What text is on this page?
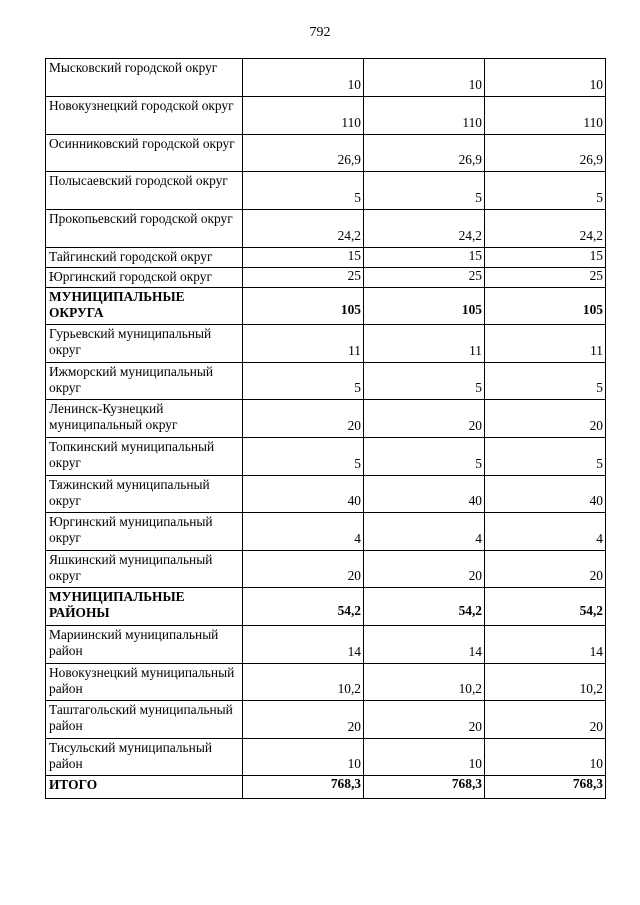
792
Мысковский городской округ	10	10	10
Новокузнецкий городской округ	110	110	110
Осинниковский городской округ	26,9	26,9	26,9
Полысаевский городской округ	5	5	5
Прокопьевский городской округ	24,2	24,2	24,2
Тайгинский городской округ	15	15	15
Юргинский городской округ	25	25	25
МУНИЦИПАЛЬНЫЕ ОКРУГА	105	105	105
Гурьевский муниципальный округ	11	11	11
Ижморский муниципальный округ	5	5	5
Ленинск-Кузнецкий муниципальный округ	20	20	20
Топкинский муниципальный округ	5	5	5
Тяжинский муниципальный округ	40	40	40
Юргинский муниципальный округ	4	4	4
Яшкинский муниципальный округ	20	20	20
МУНИЦИПАЛЬНЫЕ РАЙОНЫ	54,2	54,2	54,2
Мариинский муниципальный район	14	14	14
Новокузнецкий муниципальный район	10,2	10,2	10,2
Таштагольский муниципальный район	20	20	20
Тисульский муниципальный район	10	10	10
ИТОГО	768,3	768,3	768,3
